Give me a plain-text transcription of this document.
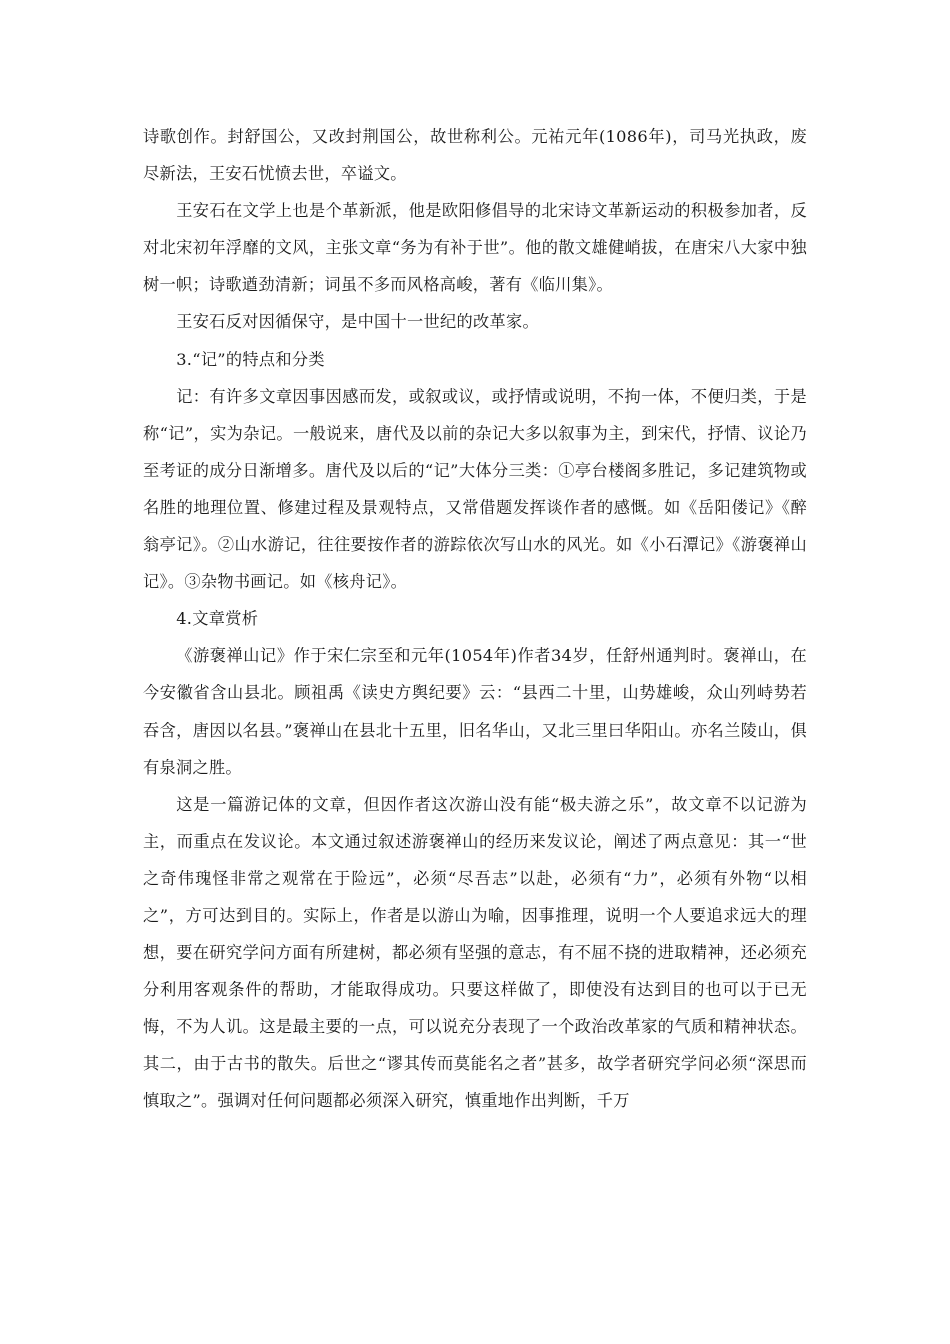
诗歌创作。封舒国公，又改封荆国公，故世称利公。元祐元年(1086年)，司马光执政，废尽新法，王安石忧愤去世，卒谥文。

王安石在文学上也是个革新派，他是欧阳修倡导的北宋诗文革新运动的积极参加者，反对北宋初年浮靡的文风，主张文章“务为有补于世”。他的散文雄健峭拔，在唐宋八大家中独树一帜；诗歌遒劲清新；词虽不多而风格高峻，著有《临川集》。

王安石反对因循保守，是中国十一世纪的改革家。

3.“记”的特点和分类

记：有许多文章因事因感而发，或叙或议，或抒情或说明，不拘一体，不便归类，于是称“记”，实为杂记。一般说来，唐代及以前的杂记大多以叙事为主，到宋代，抒情、议论乃至考证的成分日渐增多。唐代及以后的“记”大体分三类：①亭台楼阁多胜记，多记建筑物或名胜的地理位置、修建过程及景观特点，又常借题发挥谈作者的感慨。如《岳阳偻记》《醉翁亭记》。②山水游记，往往要按作者的游踪依次写山水的风光。如《小石潭记》《游褒禅山记》。③杂物书画记。如《核舟记》。

4.文章赏析

《游褒禅山记》作于宋仁宗至和元年(1054年)作者34岁，任舒州通判时。褒禅山，在今安徽省含山县北。顾祖禹《读史方舆纪要》云：“县西二十里，山势雄峻，众山列峙势若吞含，唐因以名县。”褒禅山在县北十五里，旧名华山，又北三里曰华阳山。亦名兰陵山，俱有泉洞之胜。

这是一篇游记体的文章，但因作者这次游山没有能“极夫游之乐”，故文章不以记游为主，而重点在发议论。本文通过叙述游褒禅山的经历来发议论，阐述了两点意见：其一“世之奇伟瑰怪非常之观常在于险远”，必须“尽吾志”以赴，必须有“力”，必须有外物“以相之”，方可达到目的。实际上，作者是以游山为喻，因事推理，说明一个人要追求远大的理想，要在研究学问方面有所建树，都必须有坚强的意志，有不屈不挠的进取精神，还必须充分利用客观条件的帮助，才能取得成功。只要这样做了，即使没有达到目的也可以于已无悔，不为人讥。这是最主要的一点，可以说充分表现了一个政治改革家的气质和精神状态。其二，由于古书的散失。后世之“谬其传而莫能名之者”甚多，故学者研究学问必须“深思而慎取之”。强调对任何问题都必须深入研究，慎重地作出判断，千万
